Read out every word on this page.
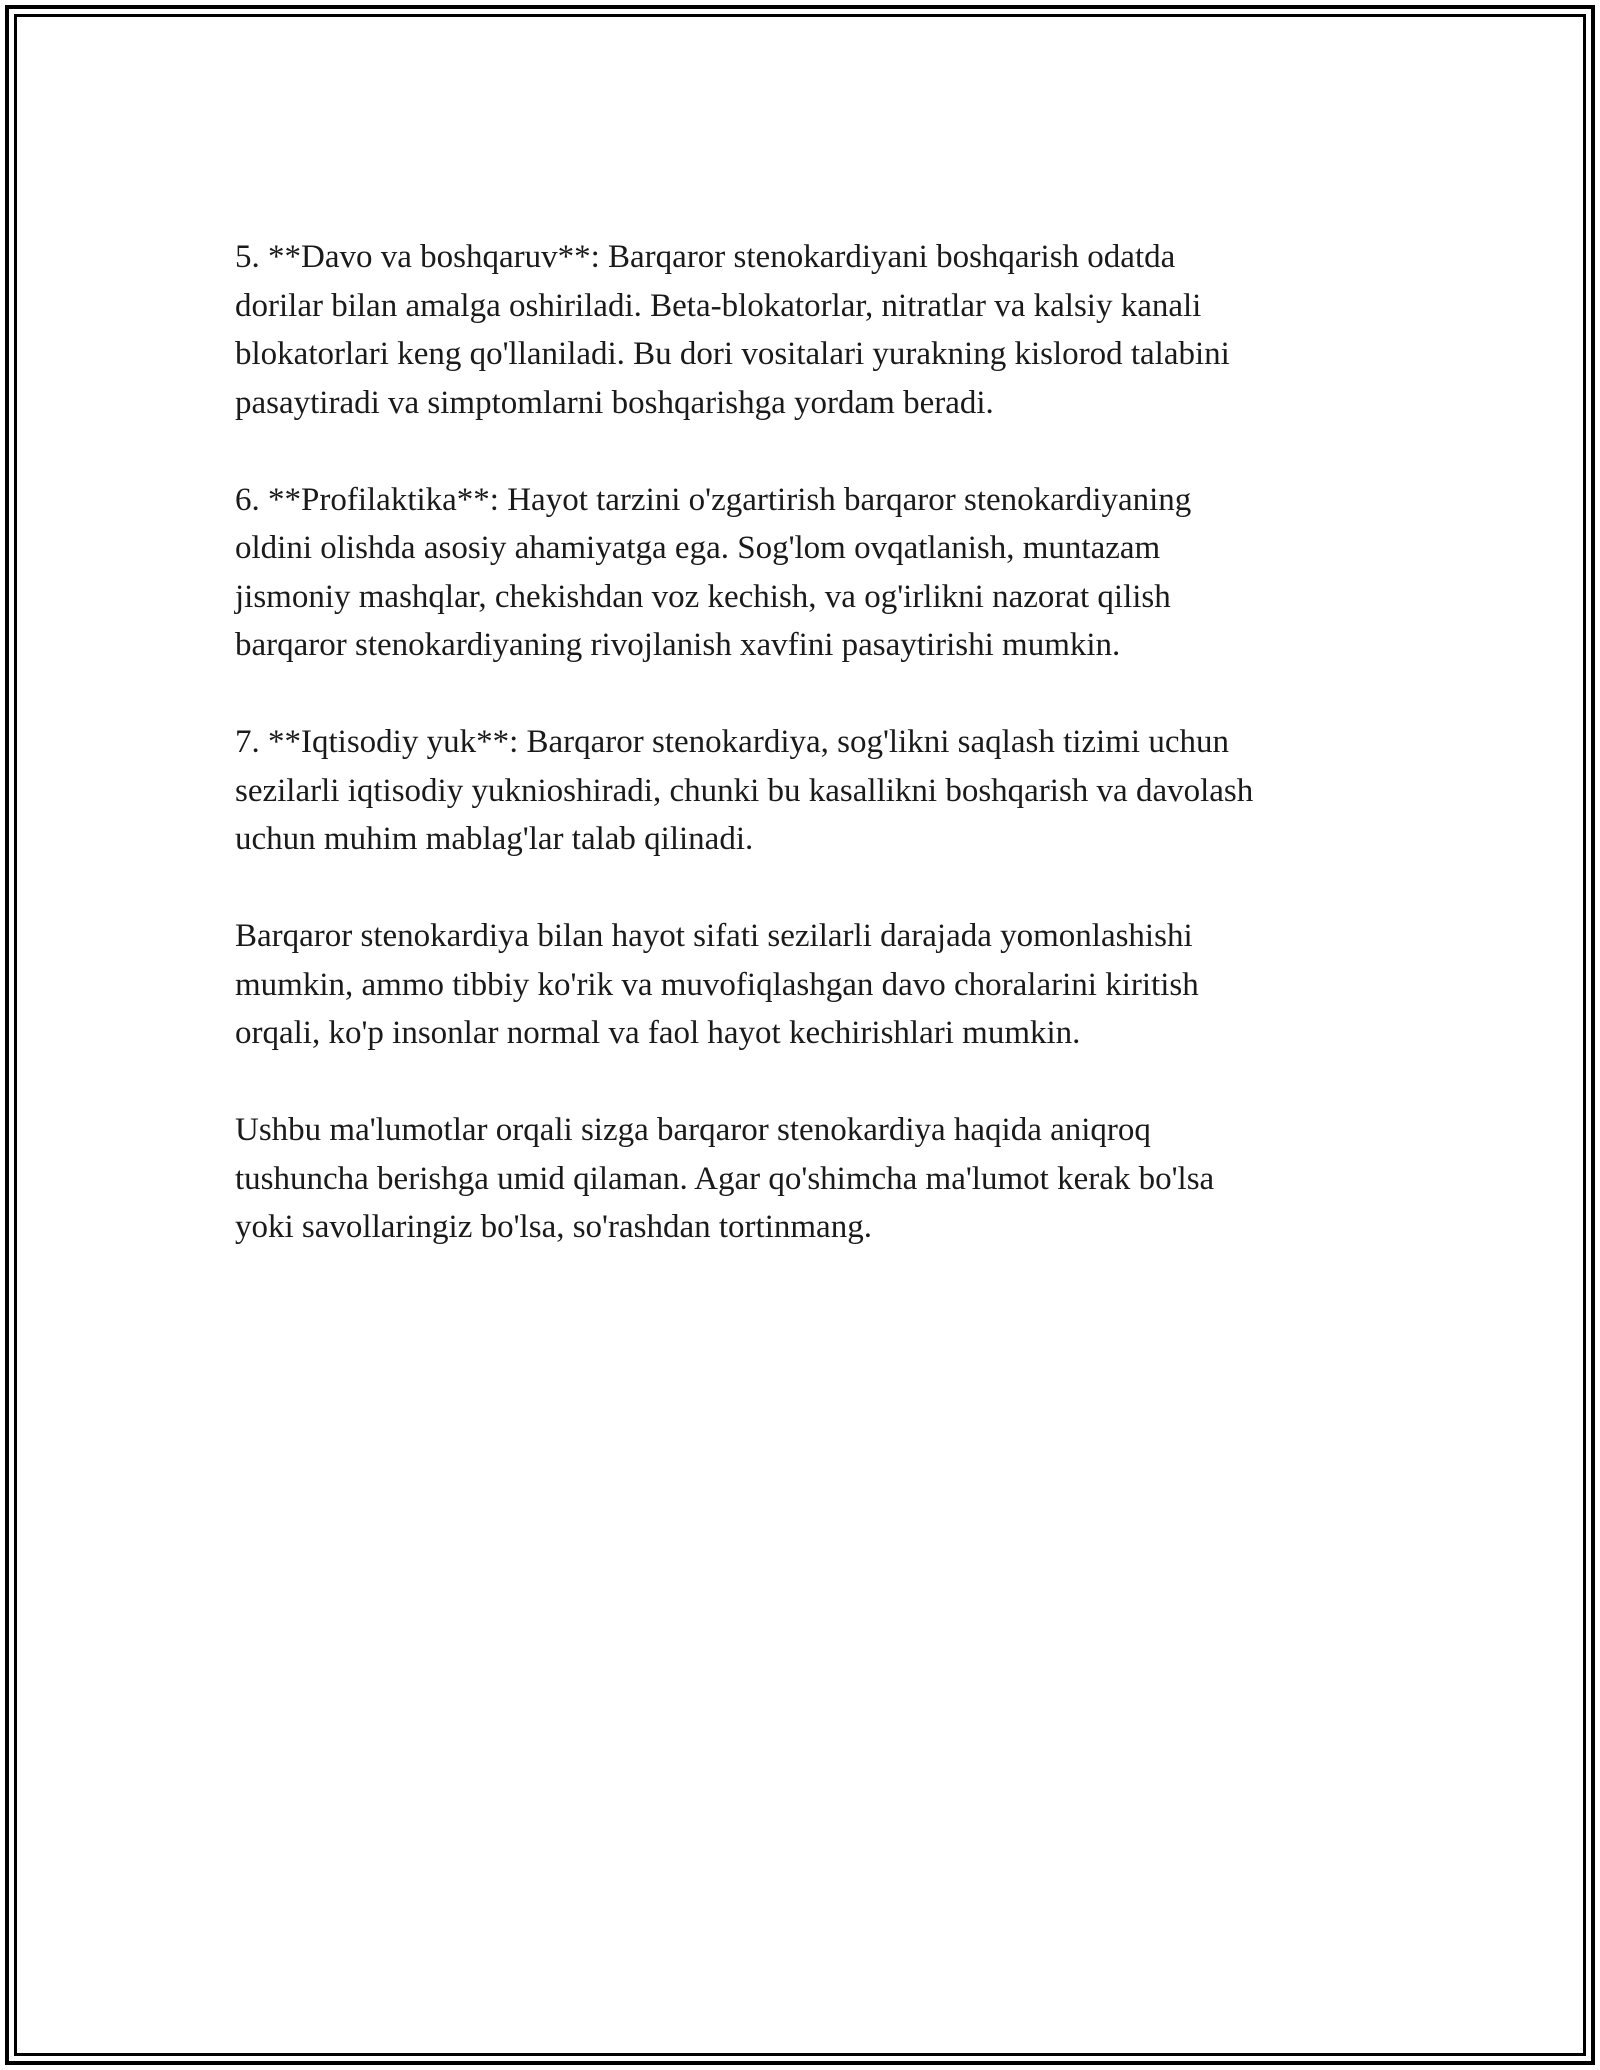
5. **Davo va boshqaruv**: Barqaror stenokardiyani boshqarish odatda
dorilar bilan amalga oshiriladi. Beta-blokatorlar, nitratlar va kalsiy kanali
blokatorlari keng qo'llaniladi. Bu dori vositalari yurakning kislorod talabini
pasaytiradi va simptomlarni boshqarishga yordam beradi.

6. **Profilaktika**: Hayot tarzini o'zgartirish barqaror stenokardiyaning
oldini olishda asosiy ahamiyatga ega. Sog'lom ovqatlanish, muntazam
jismoniy mashqlar, chekishdan voz kechish, va og'irlikni nazorat qilish
barqaror stenokardiyaning rivojlanish xavfini pasaytirishi mumkin.

7. **Iqtisodiy yuk**: Barqaror stenokardiya, sog'likni saqlash tizimi uchun
sezilarli iqtisodiy yuknioshiradi, chunki bu kasallikni boshqarish va davolash
uchun muhim mablag'lar talab qilinadi.

Barqaror stenokardiya bilan hayot sifati sezilarli darajada yomonlashishi
mumkin, ammo tibbiy ko'rik va muvofiqlashgan davo choralarini kiritish
orqali, ko'p insonlar normal va faol hayot kechirishlari mumkin.

Ushbu ma'lumotlar orqali sizga barqaror stenokardiya haqida aniqroq
tushuncha berishga umid qilaman. Agar qo'shimcha ma'lumot kerak bo'lsa
yoki savollaringiz bo'lsa, so'rashdan tortinmang.
